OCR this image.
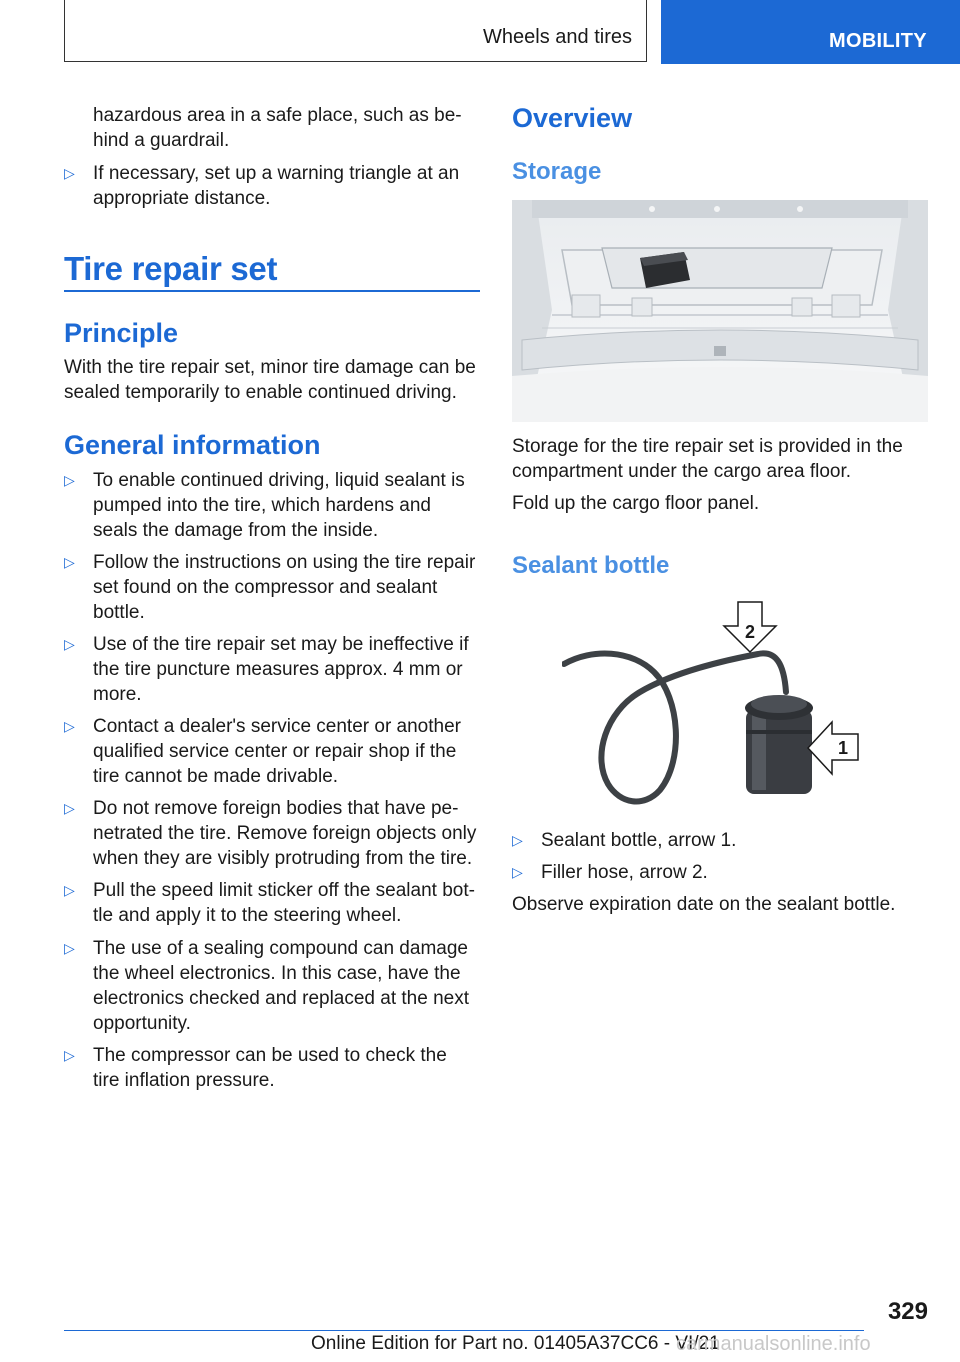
Wheels and tires	MOBILITY
hazardous area in a safe place, such as be-
hind a guardrail.
▷ If necessary, set up a warning triangle at an
appropriate distance.
Tire repair set
Principle
With the tire repair set, minor tire damage can be
sealed temporarily to enable continued driving.
General information
▷ To enable continued driving, liquid sealant is
pumped into the tire, which hardens and
seals the damage from the inside.
▷ Follow the instructions on using the tire repair
set found on the compressor and sealant
bottle.
▷ Use of the tire repair set may be ineffective if
the tire puncture measures approx. 4 mm or
more.
▷ Contact a dealer's service center or another
qualified service center or repair shop if the
tire cannot be made drivable.
▷ Do not remove foreign bodies that have pe-
netrated the tire. Remove foreign objects only
when they are visibly protruding from the tire.
▷ Pull the speed limit sticker off the sealant bot-
tle and apply it to the steering wheel.
▷ The use of a sealing compound can damage
the wheel electronics. In this case, have the
electronics checked and replaced at the next
opportunity.
▷ The compressor can be used to check the
tire inflation pressure.
Overview
Storage
Storage for the tire repair set is provided in the
compartment under the cargo area floor.
Fold up the cargo floor panel.
Sealant bottle
2
1
▷ Sealant bottle, arrow 1.
▷ Filler hose, arrow 2.
Observe expiration date on the sealant bottle.
329
Online Edition for Part no. 01405A37CC6 - VI/21
carmanualsonline.info
